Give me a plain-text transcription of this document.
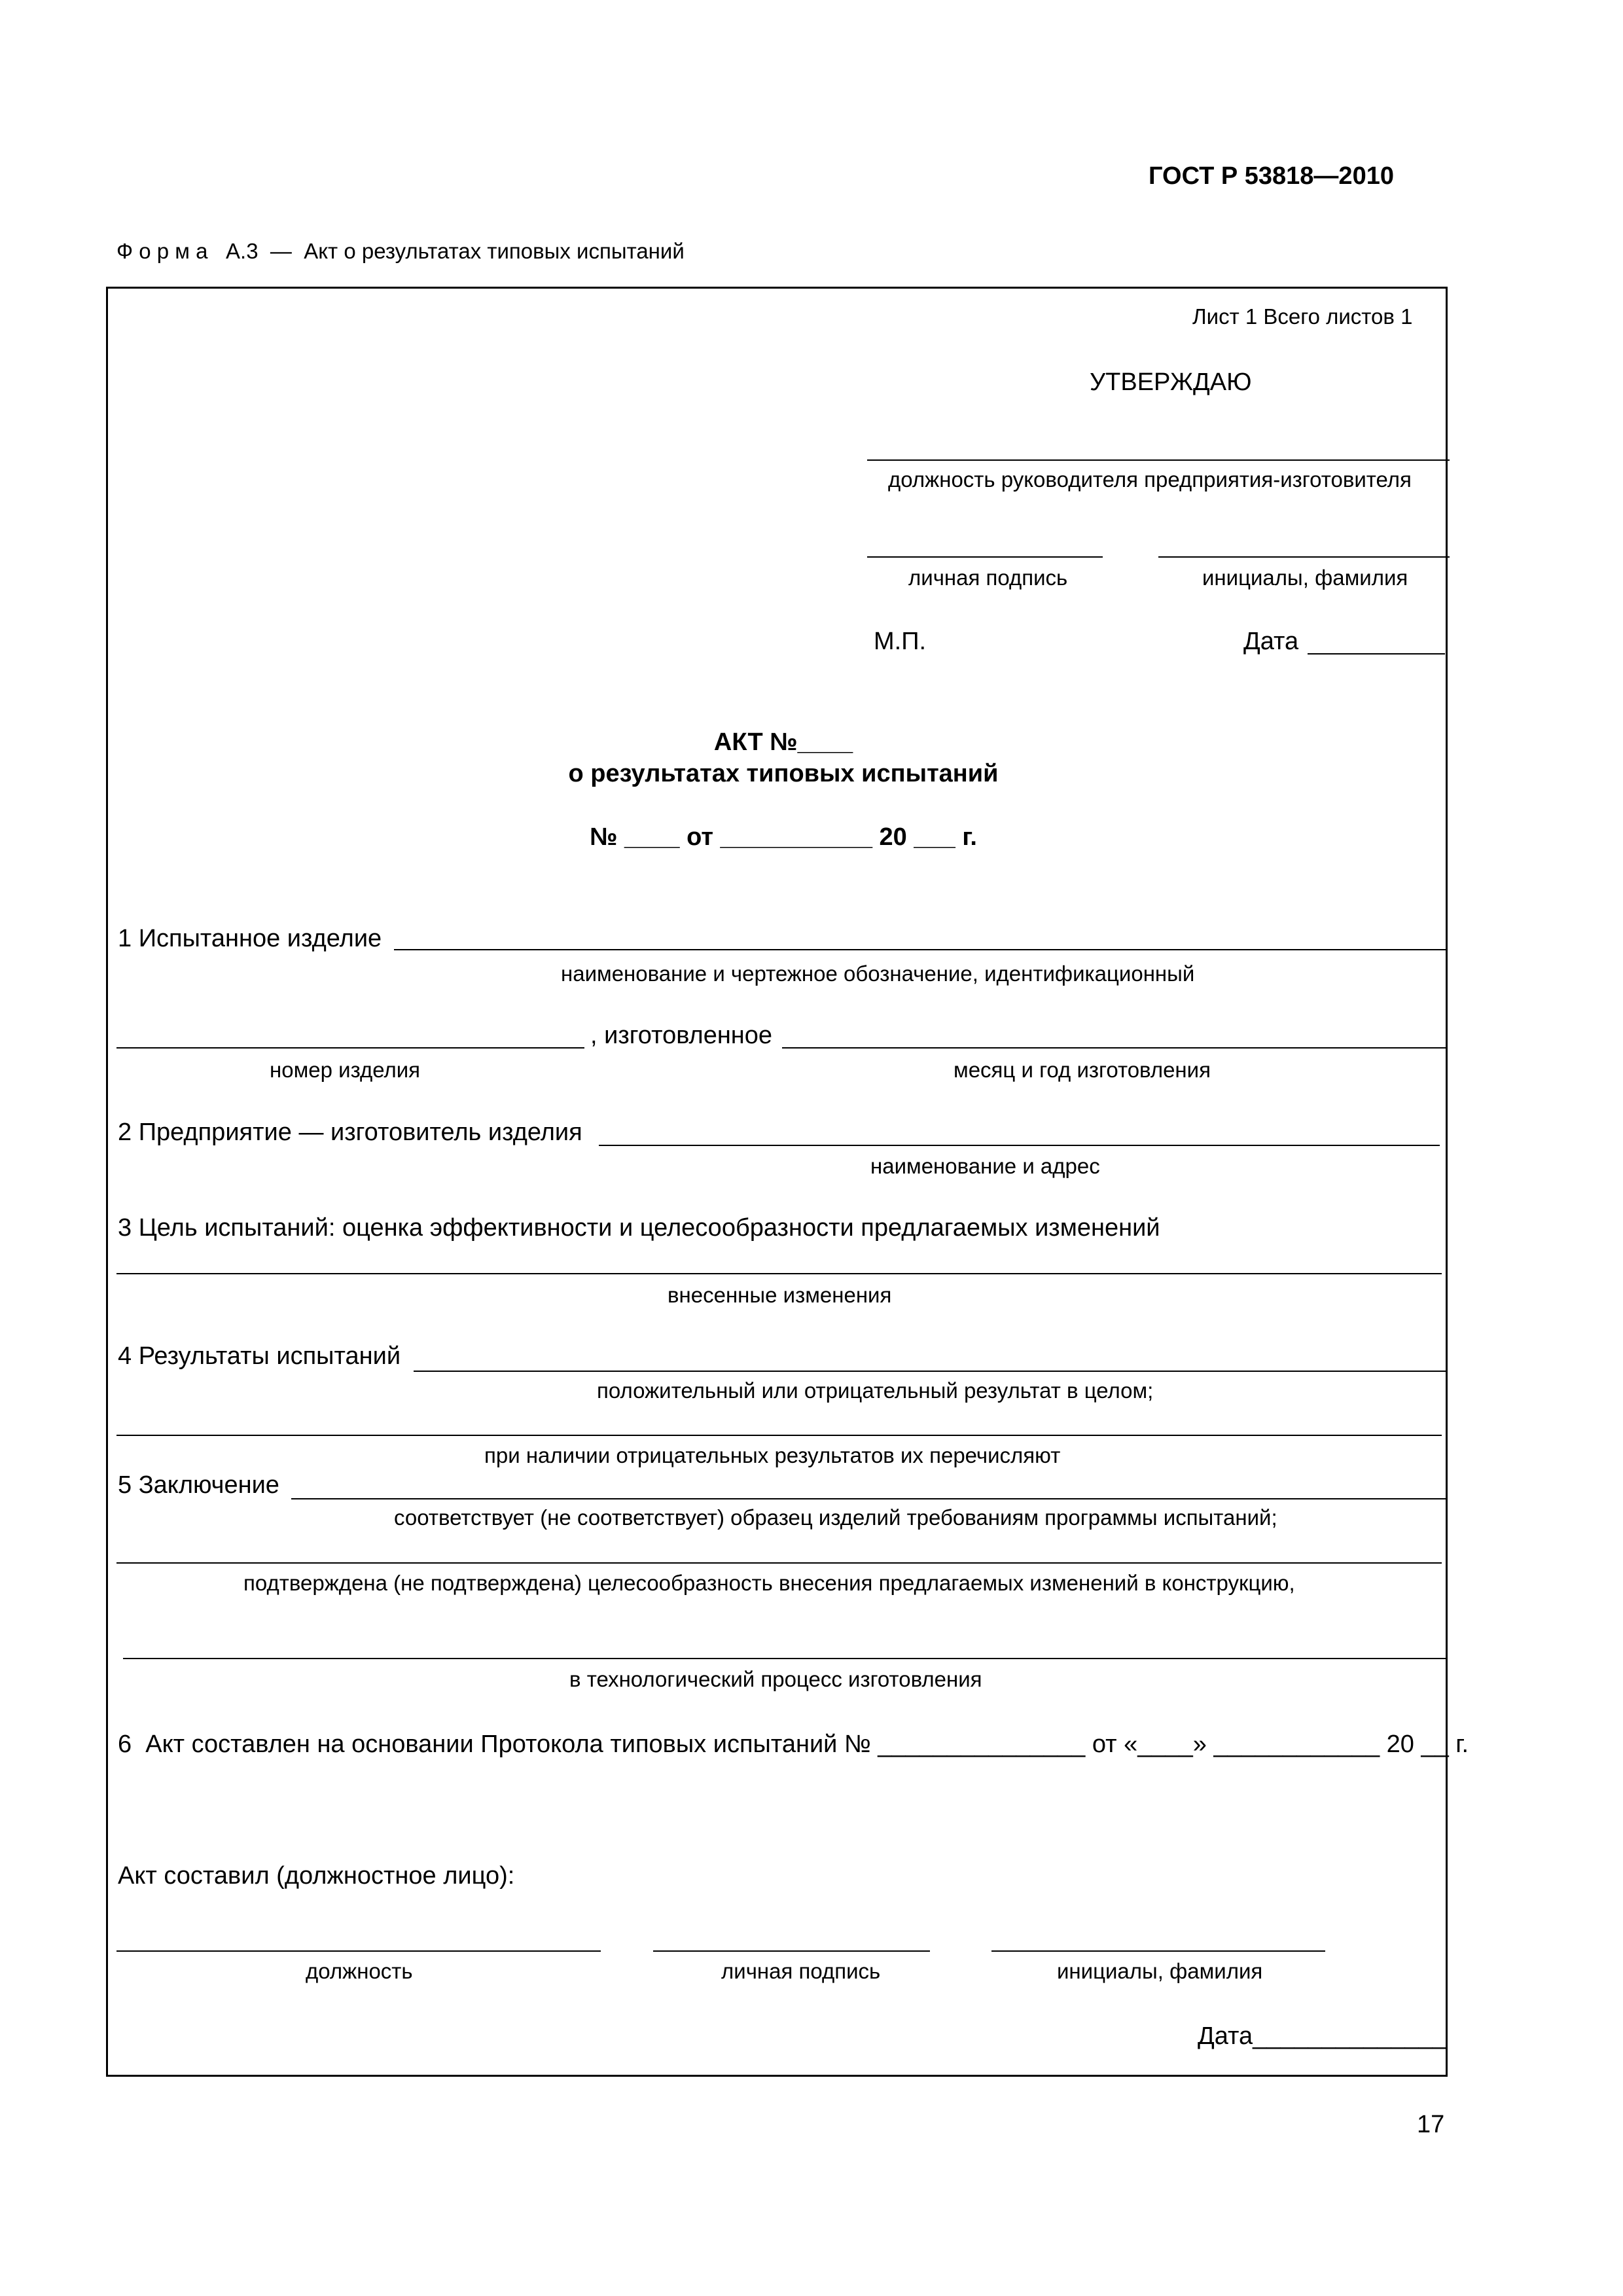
ГОСТ Р 53818—2010
Ф о р м а   А.3  —  Акт о результатах типовых испытаний
Лист 1 Всего листов 1
УТВЕРЖДАЮ
должность руководителя предприятия-изготовителя
личная подпись	инициалы, фамилия
М.П.	Дата
АКТ №____
о результатах типовых испытаний
№ ____ от ___________ 20 ___ г.
1 Испытанное изделие
наименование и чертежное обозначение, идентификационный
, изготовленное
номер изделия	месяц и год изготовления
2 Предприятие — изготовитель изделия
наименование и адрес
3 Цель испытаний: оценка эффективности и целесообразности предлагаемых изменений
внесенные изменения
4 Результаты испытаний
положительный или отрицательный результат в целом;
при наличии отрицательных результатов их перечисляют
5 Заключение
соответствует (не соответствует) образец изделий требованиям программы испытаний;
подтверждена (не подтверждена) целесообразность внесения предлагаемых изменений в конструкцию,
в технологический процесс изготовления
6  Акт составлен на основании Протокола типовых испытаний № _______________ от «____» ____________ 20 __ г.
Акт составил (должностное лицо):
должность	личная подпись	инициалы, фамилия
Дата______________
17
